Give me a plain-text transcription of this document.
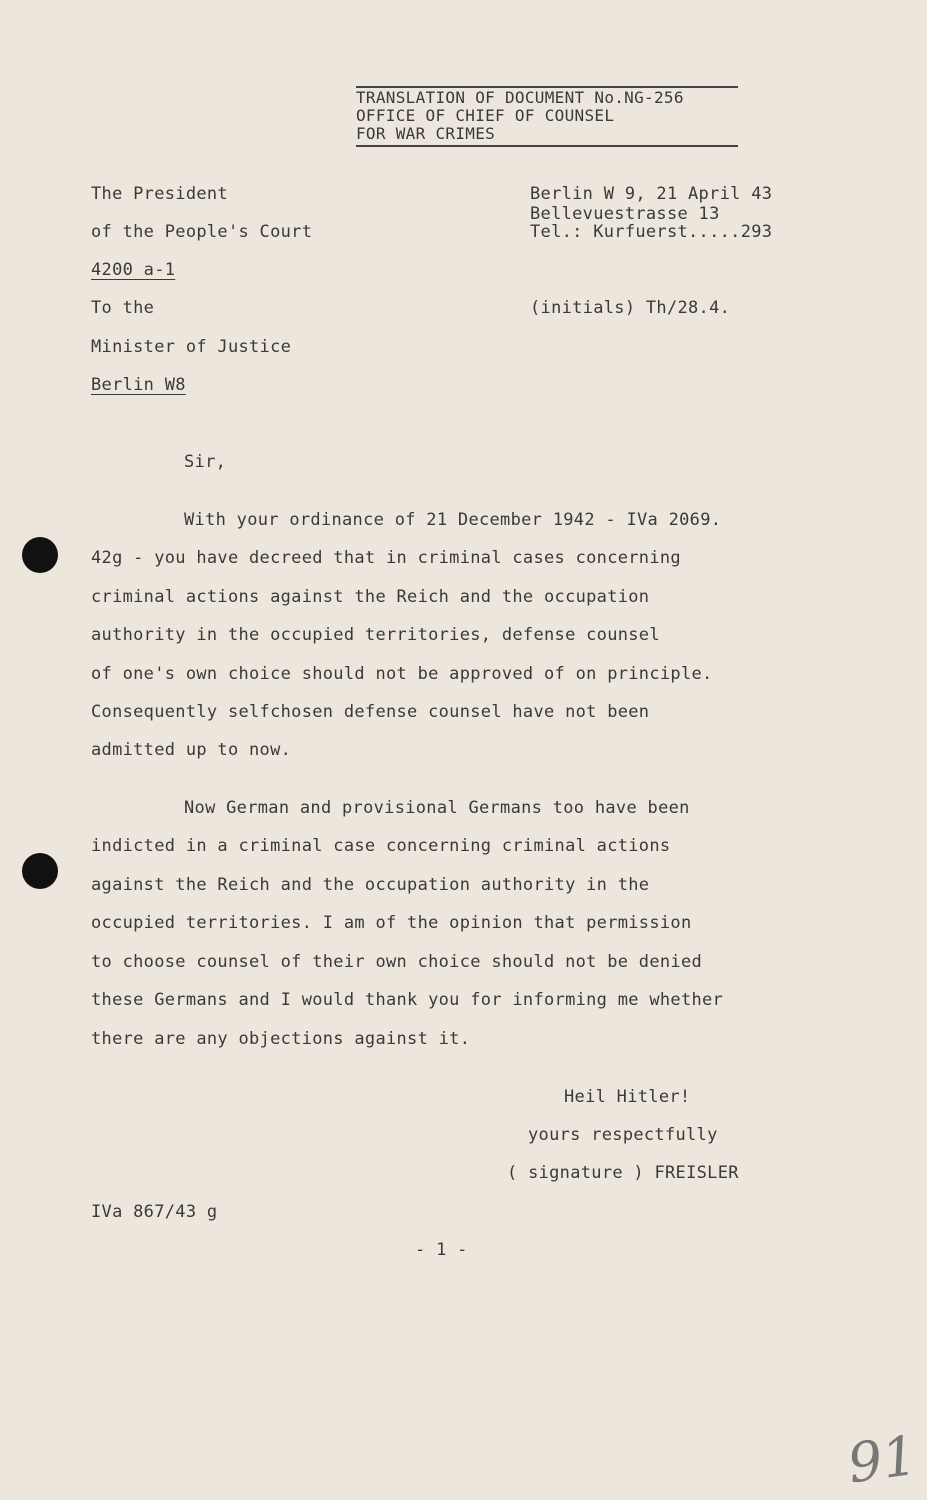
TRANSLATION OF DOCUMENT No.NG-256
OFFICE OF CHIEF OF COUNSEL
FOR WAR CRIMES
The President
of the People's Court
4200 a-1
Berlin W 9, 21 April 43
Bellevuestrasse 13
Tel.: Kurfuerst.....293
To the
Minister of Justice
Berlin W8
(initials) Th/28.4.
Sir,
With your ordinance of 21 December 1942 - IVa 2069.
42g - you have decreed that in criminal cases concerning
criminal actions against the Reich and the occupation
authority in the occupied territories, defense counsel
of one's own choice should not be approved of on principle.
Consequently selfchosen defense counsel have not been
admitted up to now.
Now German and provisional Germans too have been
indicted in a criminal case concerning criminal actions
against the Reich and the occupation authority in the
occupied territories. I am of the opinion that permission
to choose counsel of their own choice should not be denied
these Germans and I would thank you for informing me whether
there are any objections against it.
Heil Hitler!
yours respectfully
( signature ) FREISLER
IVa 867/43 g
- 1 -
91
